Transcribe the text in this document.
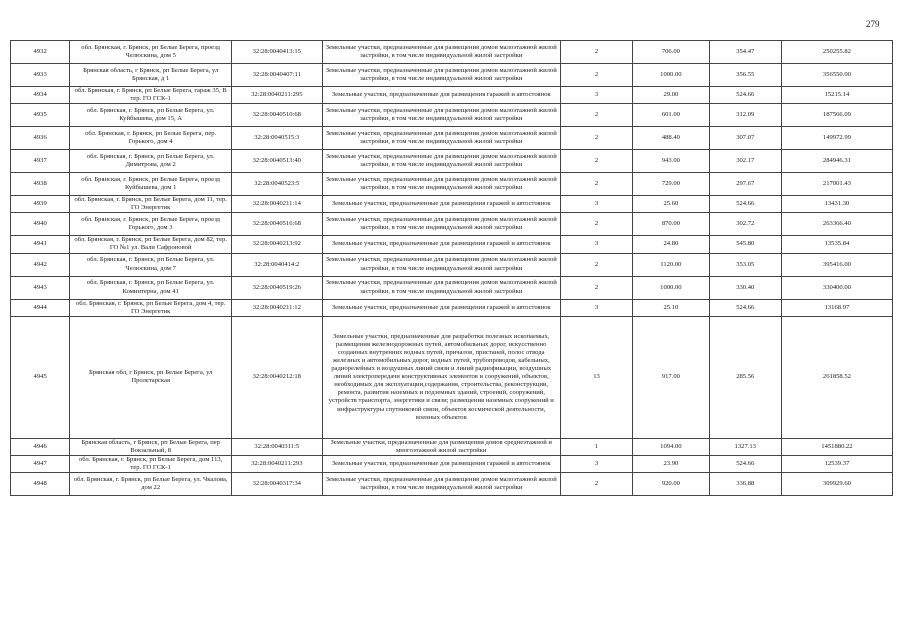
279
4932	обл. Брянская, г. Брянск, рп Белые Берега, проезд Челюскина, дом 5	32:28:0040413:15	Земельные участки, предназначенные для размещения домов малоэтажной жилой застройки, в том числе индивидуальной жилой застройки	2	706.00	354.47	250255.82
4933	Брянская область, г Брянск, рп Белые Берега, ул Брянская, д 1	32:28:0040407:11	Земельные участки, предназначенные для размещения домов малоэтажной жилой застройки, в том числе индивидуальной жилой застройки	2	1000.00	356.55	356550.00
4934	обл. Брянская, г. Брянск, рп Белые Берега, гараж 35, В тер. ГО ГСК-1	32:28:0040211:295	Земельные участки, предназначенные для размещения гаражей и автостоянок	3	29.00	524.66	15215.14
4935	обл. Брянская, г. Брянск, рп Белые Берега, ул. Куйбышева, дом 15, А	32:28:0040510:68	Земельные участки, предназначенные для размещения домов малоэтажной жилой застройки, в том числе индивидуальной жилой застройки	2	601.00	312.09	187566.09
4936	обл. Брянская, г. Брянск, рп Белые Берега, пер. Горького, дом 4	32:28:0040515:3	Земельные участки, предназначенные для размещения домов малоэтажной жилой застройки, в том числе индивидуальной жилой застройки	2	488.40	307.07	149972.99
4937	обл. Брянская, г. Брянск, рп Белые Берега, ул. Димитрова, дом 2	32:28:0040513:40	Земельные участки, предназначенные для размещения домов малоэтажной жилой застройки, в том числе индивидуальной жилой застройки	2	943.00	302.17	284946.31
4938	обл. Брянская, г. Брянск, рп Белые Берега, проезд Куйбышева, дом 1	32:28:0040523:5	Земельные участки, предназначенные для размещения домов малоэтажной жилой застройки, в том числе индивидуальной жилой застройки	2	729.00	297.67	217001.43
4939	обл. Брянская, г. Брянск, рп Белые Берега, дом 11, тер. ГО Энергетик	32:28:0040211:14	Земельные участки, предназначенные для размещения гаражей и автостоянок	3	25.60	524.66	13431.30
4940	обл. Брянская, г. Брянск, рп Белые Берега, проезд Горького, дом 3	32:28:0040516:68	Земельные участки, предназначенные для размещения домов малоэтажной жилой застройки, в том числе индивидуальной жилой застройки	2	870.00	302.72	263366.40
4941	обл. Брянская, г. Брянск, рп Белые Берега, дом 82, тер. ГО №1 ул. Вали Сафроновой	32:28:0040213:92	Земельные участки, предназначенные для размещения гаражей и автостоянок	3	24.80	545.80	13535.84
4942	обл. Брянская, г. Брянск, рп Белые Берега, ул. Челюскина, дом 7	32:28:0040414:2	Земельные участки, предназначенные для размещения домов малоэтажной жилой застройки, в том числе индивидуальной жилой застройки	2	1120.00	353.05	395416.00
4943	обл. Брянская, г. Брянск, рп Белые Берега, ул. Коминтерна, дом 41	32:28:0040519:26	Земельные участки, предназначенные для размещения домов малоэтажной жилой застройки, в том числе индивидуальной жилой застройки	2	1000.00	330.40	330400.00
4944	обл. Брянская, г. Брянск, рп Белые Берега, дом 4, тер. ГО Энергетик	32:28:0040211:12	Земельные участки, предназначенные для размещения гаражей и автостоянок	3	25.10	524.66	13168.97
4945	Брянская обл, г Брянск, рп Белые Берега, ул Пролетарская	32:28:0040212:18	Земельные участки, предназначенные для разработки полезных ископаемых, размещения железнодорожных путей, автомобильных дорог, искусственно созданных внутренних водных путей, причалов, пристаней, полос отвода железных и автомобильных дорог, водных путей, трубопроводов, кабельных, радиорелейных и воздушных линий связи и линий радиофикации, воздушных линий электропередачи конструктивных элементов и сооружений, объектов, необходимых для эксплуатации,содержания, строительства, реконструкции, ремонта, развития наземных и подземных зданий, строений, сооружений, устройств транспорта, энергетики и связи; размещения наземных сооружений и инфраструктуры спутниковой связи, объектов космической деятельности, военных объектов	13	917.00	285.56	261858.52
4946	Брянская область, г Брянск, рп Белые Берега, пер Вокзальный, 8	32:28:0040311:5	Земельные участки, предназначенные для размещения домов среднеэтажной и многоэтажной жилой застройки	1	1094.00	1327.13	1451880.22
4947	обл. Брянская, г. Брянск, рп Белые Берега, дом 113, тер. ГО ГСК-1	32:28:0040211:293	Земельные участки, предназначенные для размещения гаражей и автостоянок	3	23.90	524.66	12539.37
4948	обл. Брянская, г. Брянск, рп Белые Берега, ул. Чкалова, дом 22	32:28:0040317:34	Земельные участки, предназначенные для размещения домов малоэтажной жилой застройки, в том числе индивидуальной жилой застройки	2	920.00	336.88	309929.60
